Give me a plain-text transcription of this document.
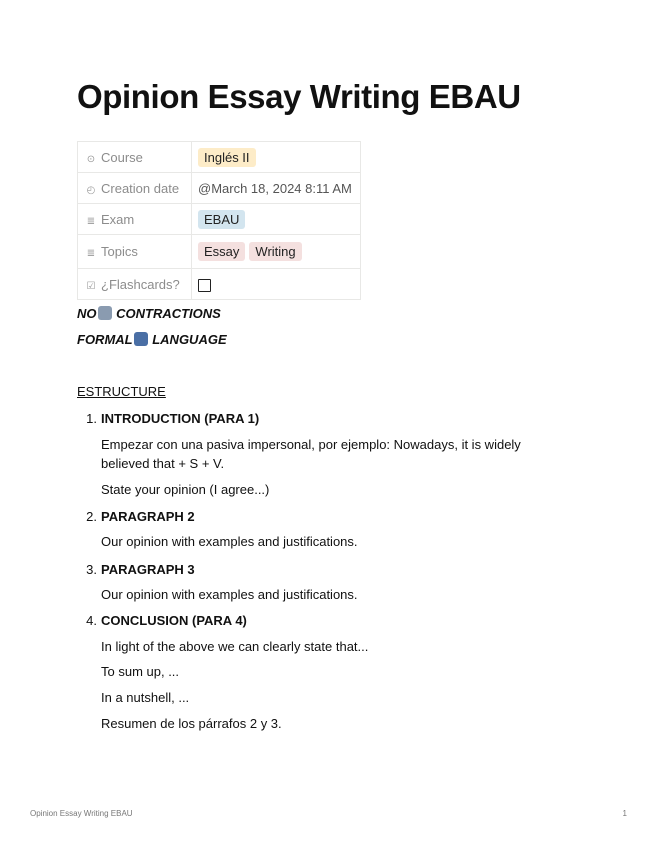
Opinion Essay Writing EBAU
⊙ Course	Inglés II
◴ Creation date	@March 18, 2024 8:11 AM
≣ Exam	EBAU
≣ Topics	Essay Writing
☑ ¿Flashcards?	
NO CONTRACTIONS
FORMAL LANGUAGE
ESTRUCTURE
1. INTRODUCTION (PARA 1)
Empezar con una pasiva impersonal, por ejemplo: Nowadays, it is widely believed that + S + V.
State your opinion (I agree...)
2. PARAGRAPH 2
Our opinion with examples and justifications.
3. PARAGRAPH 3
Our opinion with examples and justifications.
4. CONCLUSION (PARA 4)
In light of the above we can clearly state that...
To sum up, ...
In a nutshell, ...
Resumen de los párrafos 2 y 3.
Opinion Essay Writing EBAU	1
